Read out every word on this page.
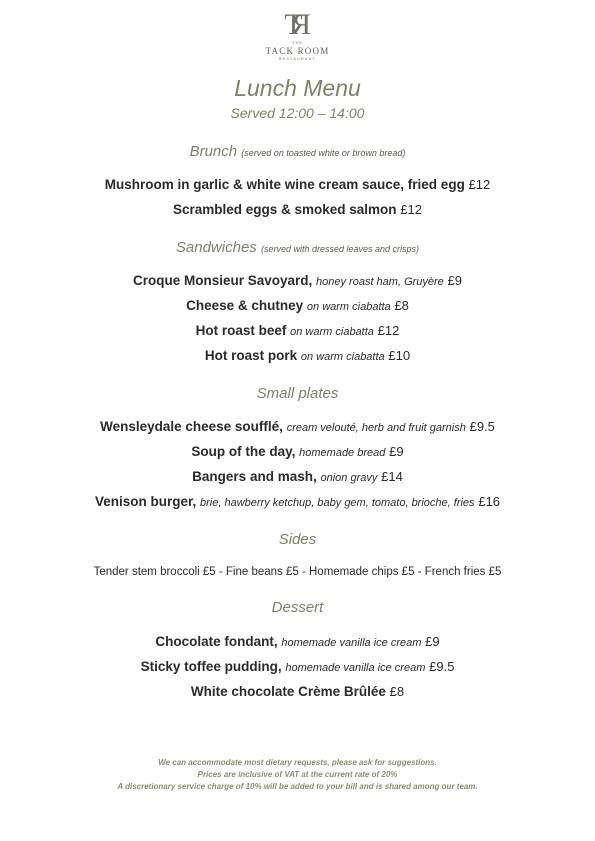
TR
THE
TACK ROOM
RESTAURANT
Lunch Menu
Served 12:00 – 14:00
Brunch (served on toasted white or brown bread)
Mushroom in garlic & white wine cream sauce, fried egg £12
Scrambled eggs & smoked salmon £12
Sandwiches (served with dressed leaves and crisps)
Croque Monsieur Savoyard, honey roast ham, Gruyère £9
Cheese & chutney on warm ciabatta £8
Hot roast beef on warm ciabatta £12
Hot roast pork on warm ciabatta £10
Small plates
Wensleydale cheese soufflé, cream velouté, herb and fruit garnish £9.5
Soup of the day, homemade bread £9
Bangers and mash, onion gravy £14
Venison burger, brie, hawberry ketchup, baby gem, tomato, brioche, fries £16
Sides
Tender stem broccoli £5 - Fine beans £5 - Homemade chips £5 - French fries £5
Dessert
Chocolate fondant, homemade vanilla ice cream £9
Sticky toffee pudding, homemade vanilla ice cream £9.5
White chocolate Crème Brûlée £8
We can accommodate most dietary requests, please ask for suggestions.
Prices are inclusive of VAT at the current rate of 20%
A discretionary service charge of 10% will be added to your bill and is shared among our team.
